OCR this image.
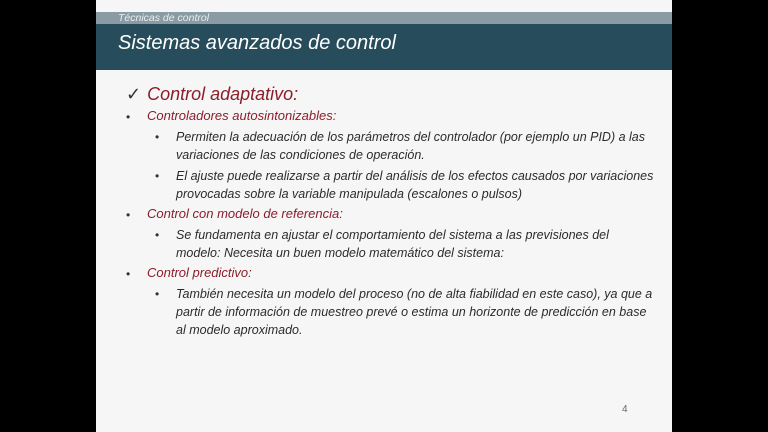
Técnicas de control
Sistemas avanzados de control
✓ Control adaptativo:
• Controladores autosintonizables:
• Permiten la adecuación de los parámetros del controlador (por ejemplo un PID) a las variaciones de las condiciones de operación.
• El ajuste puede realizarse a partir del análisis de los efectos causados por variaciones provocadas sobre la variable manipulada (escalones o pulsos)
• Control con modelo de referencia:
• Se fundamenta en ajustar el comportamiento del sistema a las previsiones del modelo: Necesita un buen modelo matemático del sistema:
• Control predictivo:
• También necesita un modelo del proceso (no de alta fiabilidad en este caso), ya que a partir de información de muestreo prevé o estima un horizonte de predicción en base al modelo aproximado.
4
